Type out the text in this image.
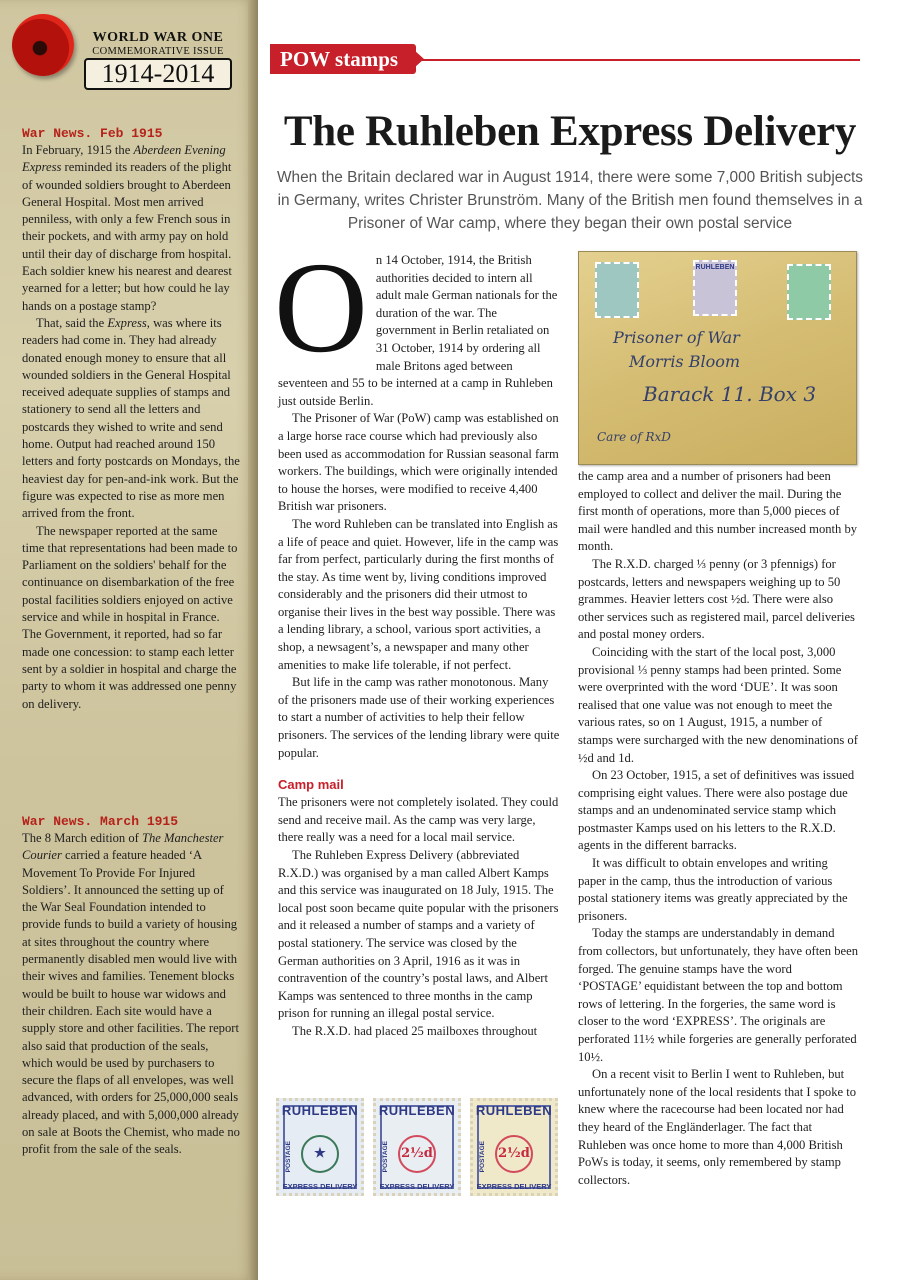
WORLD WAR ONE
COMMEMORATIVE ISSUE
1914-2014
War News. Feb 1915

In February, 1915 the Aberdeen Evening Express reminded its readers of the plight of wounded soldiers brought to Aberdeen General Hospital. Most men arrived penniless, with only a few French sous in their pockets, and with army pay on hold until their day of discharge from hospital. Each soldier knew his nearest and dearest yearned for a letter; but how could he lay hands on a postage stamp?

That, said the Express, was where its readers had come in. They had already donated enough money to ensure that all wounded soldiers in the General Hospital received adequate supplies of stamps and stationery to send all the letters and postcards they wished to write and send home. Output had reached around 150 letters and forty postcards on Mondays, the heaviest day for pen-and-ink work. But the figure was expected to rise as more men arrived from the front.

The newspaper reported at the same time that representations had been made to Parliament on the soldiers' behalf for the continuance on disembarkation of the free postal facilities soldiers enjoyed on active service and while in hospital in France. The Government, it reported, had so far made one concession: to stamp each letter sent by a soldier in hospital and charge the party to whom it was addressed one penny on delivery.

War News. March 1915

The 8 March edition of The Manchester Courier carried a feature headed ‘A Movement To Provide For Injured Soldiers’. It announced the setting up of the War Seal Foundation intended to provide funds to build a variety of housing at sites throughout the country where permanently disabled men would live with their wives and families. Tenement blocks would be built to house war widows and their children. Each site would have a supply store and other facilities. The report also said that production of the seals, which would be used by purchasers to secure the flaps of all envelopes, was well advanced, with orders for 25,000,000 seals already placed, and with 5,000,000 already on sale at Boots the Chemist, who made no profit from the sale of the seals.

POW stamps
The Ruhleben Express Delivery
When the Britain declared war in August 1914, there were some 7,000 British subjects in Germany, writes Christer Brunström. Many of the British men found themselves in a Prisoner of War camp, where they began their own postal service

On 14 October, 1914, the British authorities decided to intern all adult male German nationals for the duration of the war. The government in Berlin retaliated on 31 October, 1914 by ordering all male Britons aged between seventeen and 55 to be interned at a camp in Ruhleben just outside Berlin.

The Prisoner of War (PoW) camp was established on a large horse race course which had previously also been used as accommodation for Russian seasonal farm workers. The buildings, which were originally intended to house the horses, were modified to receive 4,400 British war prisoners.

The word Ruhleben can be translated into English as a life of peace and quiet. However, life in the camp was far from perfect, particularly during the first months of the stay. As time went by, living conditions improved considerably and the prisoners did their utmost to organise their lives in the best way possible. There was a lending library, a school, various sport activities, a shop, a newsagent’s, a newspaper and many other amenities to make life tolerable, if not perfect.

But life in the camp was rather monotonous. Many of the prisoners made use of their working experiences to start a number of activities to help their fellow prisoners. The services of the lending library were quite popular.

Camp mail

The prisoners were not completely isolated. They could send and receive mail. As the camp was very large, there really was a need for a local mail service.

The Ruhleben Express Delivery (abbreviated R.X.D.) was organised by a man called Albert Kamps and this service was inaugurated on 18 July, 1915. The local post soon became quite popular with the prisoners and it released a number of stamps and a variety of postal stationery. The service was closed by the German authorities on 3 April, 1916 as it was in contravention of the country’s postal laws, and Albert Kamps was sentenced to three months in the camp prison for running an illegal postal service.

The R.X.D. had placed 25 mailboxes throughout

RUHLEBEN
Prisoner of War
Morris Bloom
Barack 11. Box 3
Care of RxD

the camp area and a number of prisoners had been employed to collect and deliver the mail. During the first month of operations, more than 5,000 pieces of mail were handled and this number increased month by month.

The R.X.D. charged ⅓ penny (or 3 pfennigs) for postcards, letters and newspapers weighing up to 50 grammes. Heavier letters cost ½d. There were also other services such as registered mail, parcel deliveries and postal money orders.

Coinciding with the start of the local post, 3,000 provisional ⅓ penny stamps had been printed. Some were overprinted with the word ‘DUE’. It was soon realised that one value was not enough to meet the various rates, so on 1 August, 1915, a number of stamps were surcharged with the new denominations of ½d and 1d.

On 23 October, 1915, a set of definitives was issued comprising eight values. There were also postage due stamps and an undenominated service stamp which postmaster Kamps used on his letters to the R.X.D. agents in the different barracks.

It was difficult to obtain envelopes and writing paper in the camp, thus the introduction of various postal stationery items was greatly appreciated by the prisoners.

Today the stamps are understandably in demand from collectors, but unfortunately, they have often been forged. The genuine stamps have the word ‘POSTAGE’ equidistant between the top and bottom rows of lettering. In the forgeries, the same word is closer to the word ‘EXPRESS’. The originals are perforated 11½ while forgeries are generally perforated 10½.

On a recent visit to Berlin I went to Ruhleben, but unfortunately none of the local residents that I spoke to knew where the racecourse had been located nor had they heard of the Engländerlager. The fact that Ruhleben was once home to more than 4,000 British PoWs is today, it seems, only remembered by stamp collectors.

RUHLEBEN
POSTAGE	★
EXPRESS DELIVERY
RUHLEBEN
POSTAGE 2½d
EXPRESS DELIVERY
RUHLEBEN
POSTAGE 2½d
EXPRESS DELIVERY
